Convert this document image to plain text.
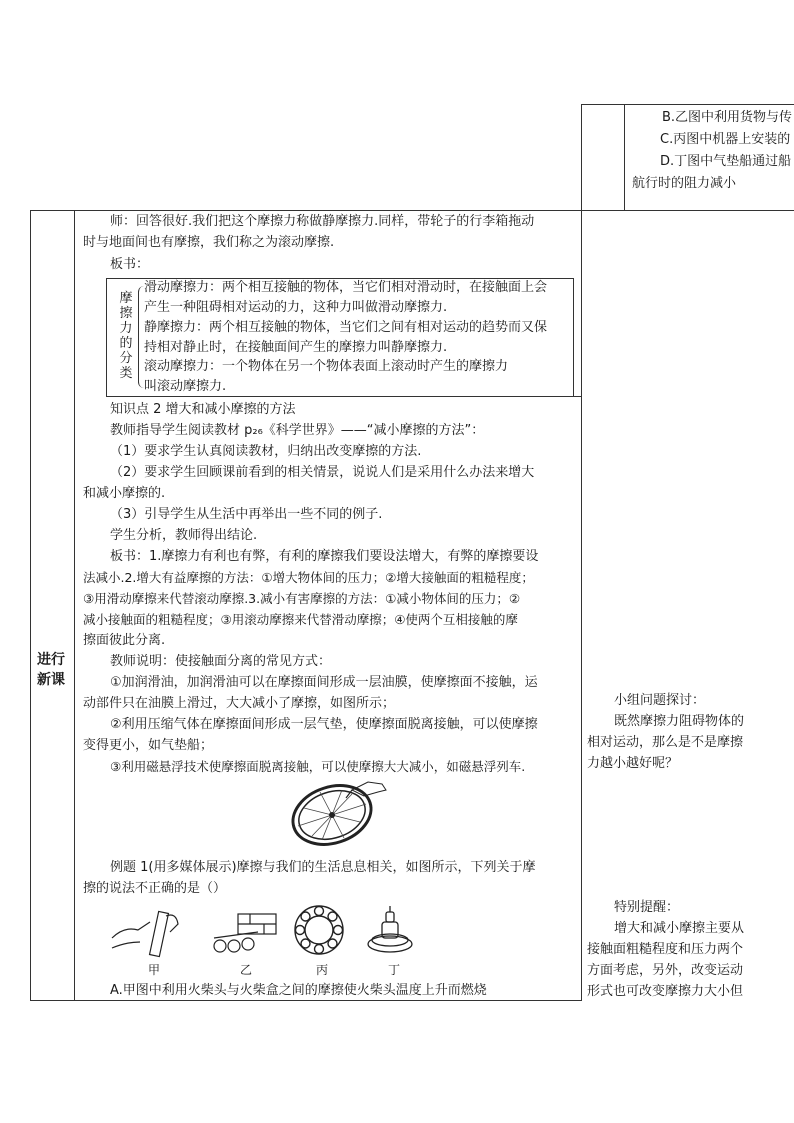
B.乙图中利用货物与传
C.丙图中机器上安装的
D.丁图中气垫船通过船
航行时的阻力减小
进行
新课
师：回答很好.我们把这个摩擦力称做静摩擦力.同样，带轮子的行李箱拖动
时与地面间也有摩擦，我们称之为滚动摩擦.
板书：
摩
擦
力
的
分
类
滑动摩擦力：两个相互接触的物体，当它们相对滑动时，在接触面上会
产生一种阻碍相对运动的力，这种力叫做滑动摩擦力.
静摩擦力：两个相互接触的物体，当它们之间有相对运动的趋势而又保
持相对静止时，在接触面间产生的摩擦力叫静摩擦力.
滚动摩擦力：一个物体在另一个物体表面上滚动时产生的摩擦力
叫滚动摩擦力.
知识点 2 增大和减小摩擦的方法
教师指导学生阅读教材 p₂₆《科学世界》——“减小摩擦的方法”：
（1）要求学生认真阅读教材，归纳出改变摩擦的方法.
（2）要求学生回顾课前看到的相关情景，说说人们是采用什么办法来增大
和减小摩擦的.
（3）引导学生从生活中再举出一些不同的例子.
学生分析，教师得出结论.
板书：1.摩擦力有利也有弊，有利的摩擦我们要设法增大，有弊的摩擦要设
法减小.2.增大有益摩擦的方法：①增大物体间的压力；②增大接触面的粗糙程度；
③用滑动摩擦来代替滚动摩擦.3.减小有害摩擦的方法：①减小物体间的压力；②
减小接触面的粗糙程度；③用滚动摩擦来代替滑动摩擦；④使两个互相接触的摩
擦面彼此分离.
教师说明：使接触面分离的常见方式：
①加润滑油，加润滑油可以在摩擦面间形成一层油膜，使摩擦面不接触，运
动部件只在油膜上滑过，大大减小了摩擦，如图所示；
②利用压缩气体在摩擦面间形成一层气垫，使摩擦面脱离接触，可以使摩擦
变得更小，如气垫船；
③利用磁悬浮技术使摩擦面脱离接触，可以使摩擦大大减小，如磁悬浮列车.
例题 1(用多媒体展示)摩擦与我们的生活息息相关，如图所示，下列关于摩
擦的说法不正确的是（）
甲	乙	丙	丁
A.甲图中利用火柴头与火柴盒之间的摩擦使火柴头温度上升而燃烧
小组问题探讨：
既然摩擦力阻碍物体的
相对运动，那么是不是摩擦
力越小越好呢？
特别提醒：
增大和减小摩擦主要从
接触面粗糙程度和压力两个
方面考虑，另外，改变运动
形式也可改变摩擦力大小但
